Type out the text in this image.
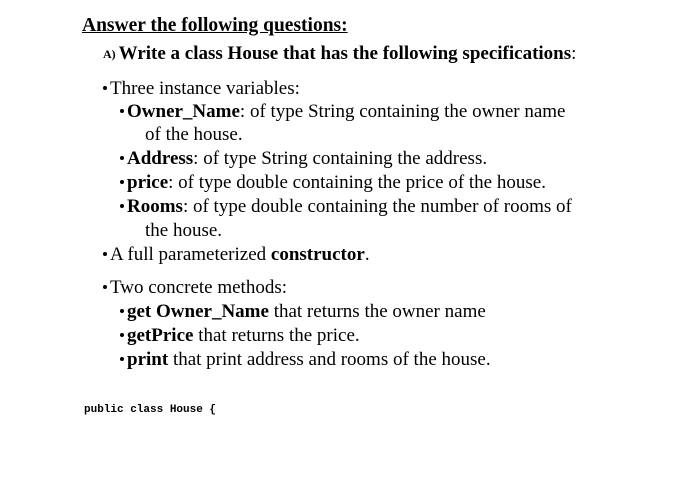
Answer the following questions:
A) Write a class House that has the following specifications:
Three instance variables:
Owner_Name: of type String containing the owner name
of the house.
Address: of type String containing the address.
price: of type double containing the price of the house.
Rooms: of type double containing the number of rooms of
the house.
A full parameterized constructor.
Two concrete methods:
get Owner_Name that returns the owner name
getPrice that returns the price.
print that print address and rooms of the house.
public class House {
